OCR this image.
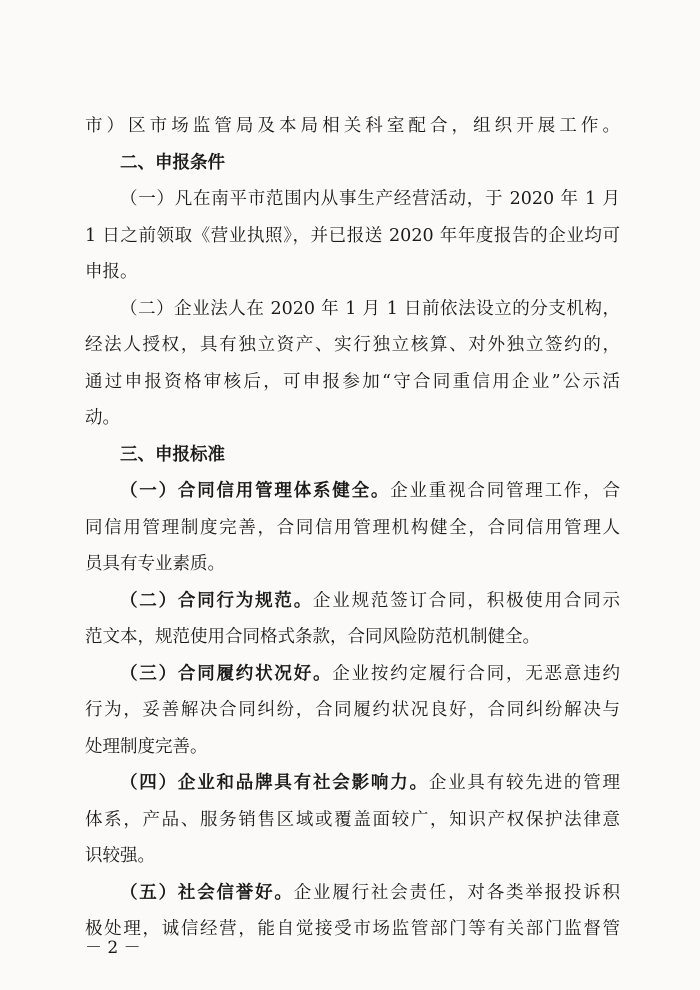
市）区市场监管局及本局相关科室配合，组织开展工作。
二、申报条件
（一）凡在南平市范围内从事生产经营活动，于 2020 年 1 月
1 日之前领取《营业执照》，并已报送 2020 年年度报告的企业均可
申报。
（二）企业法人在 2020 年 1 月 1 日前依法设立的分支机构，
经法人授权，具有独立资产、实行独立核算、对外独立签约的，
通过申报资格审核后，可申报参加“守合同重信用企业”公示活
动。
三、申报标准
（一）合同信用管理体系健全。企业重视合同管理工作，合
同信用管理制度完善，合同信用管理机构健全，合同信用管理人
员具有专业素质。
（二）合同行为规范。企业规范签订合同，积极使用合同示
范文本，规范使用合同格式条款，合同风险防范机制健全。
（三）合同履约状况好。企业按约定履行合同，无恶意违约
行为，妥善解决合同纠纷，合同履约状况良好，合同纠纷解决与
处理制度完善。
（四）企业和品牌具有社会影响力。企业具有较先进的管理
体系，产品、服务销售区域或覆盖面较广，知识产权保护法律意
识较强。
（五）社会信誉好。企业履行社会责任，对各类举报投诉积
极处理，诚信经营，能自觉接受市场监管部门等有关部门监督管
－ 2 －
